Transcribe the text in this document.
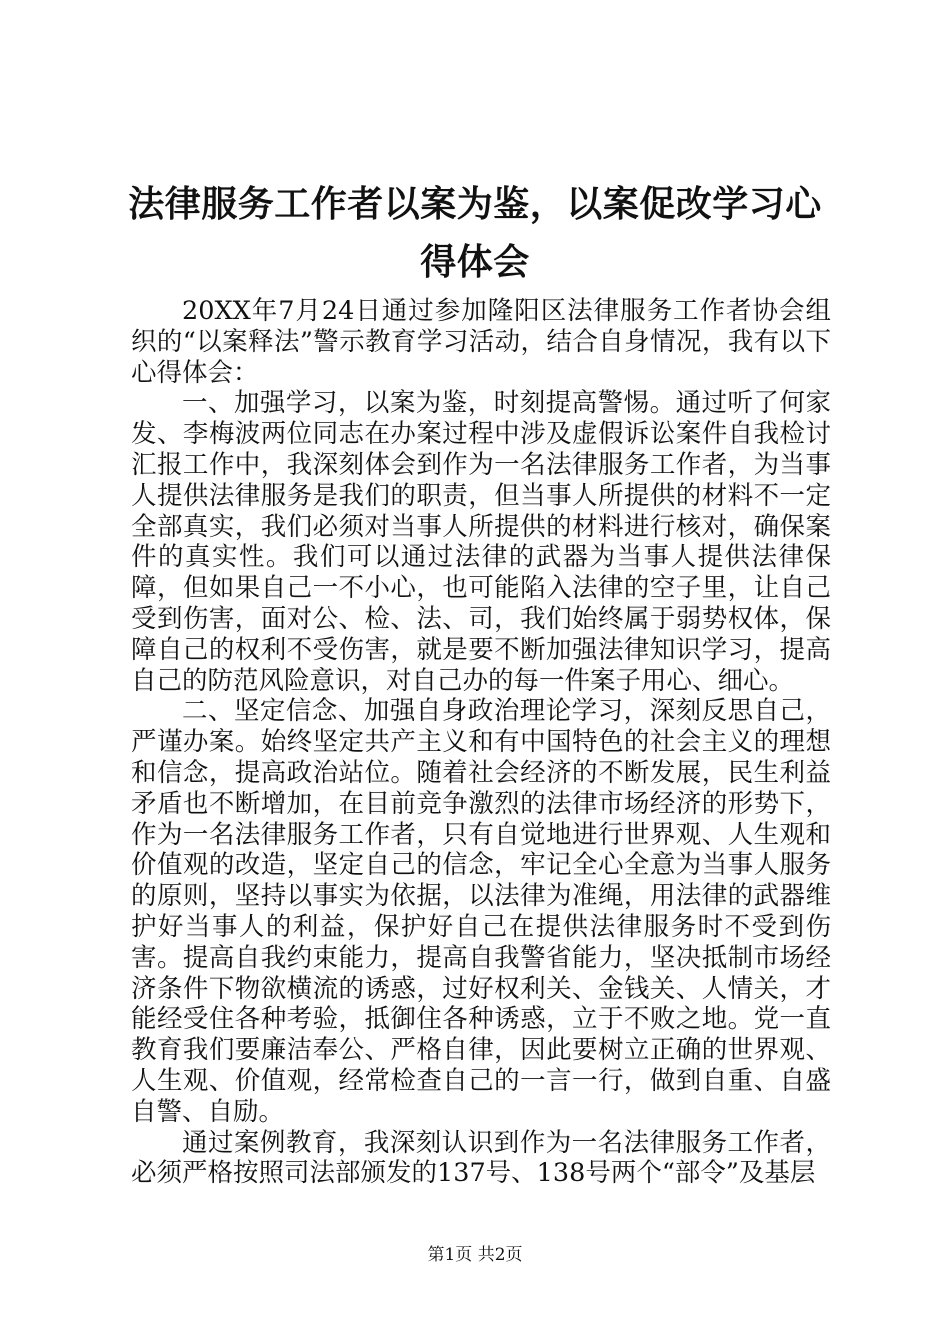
法律服务工作者以案为鉴，以案促改学习心得体会

20XX年7月24日通过参加隆阳区法律服务工作者协会组织的“以案释法”警示教育学习活动，结合自身情况，我有以下心得体会：

一、加强学习，以案为鉴，时刻提高警惕。通过听了何家发、李梅波两位同志在办案过程中涉及虚假诉讼案件自我检讨汇报工作中，我深刻体会到作为一名法律服务工作者，为当事人提供法律服务是我们的职责，但当事人所提供的材料不一定全部真实，我们必须对当事人所提供的材料进行核对，确保案件的真实性。我们可以通过法律的武器为当事人提供法律保障，但如果自己一不小心，也可能陷入法律的空子里，让自己受到伤害，面对公、检、法、司，我们始终属于弱势权体，保障自己的权利不受伤害，就是要不断加强法律知识学习，提高自己的防范风险意识，对自己办的每一件案子用心、细心。

二、坚定信念、加强自身政治理论学习，深刻反思自己，严谨办案。始终坚定共产主义和有中国特色的社会主义的理想和信念，提高政治站位。随着社会经济的不断发展，民生利益矛盾也不断增加，在目前竞争激烈的法律市场经济的形势下，作为一名法律服务工作者，只有自觉地进行世界观、人生观和价值观的改造，坚定自己的信念，牢记全心全意为当事人服务的原则，坚持以事实为依据，以法律为准绳，用法律的武器维护好当事人的利益，保护好自己在提供法律服务时不受到伤害。提高自我约束能力，提高自我警省能力，坚决抵制市场经济条件下物欲横流的诱惑，过好权利关、金钱关、人情关，才能经受住各种考验，抵御住各种诱惑，立于不败之地。党一直教育我们要廉洁奉公、严格自律，因此要树立正确的世界观、人生观、价值观，经常检查自己的一言一行，做到自重、自盛自警、自励。

通过案例教育，我深刻认识到作为一名法律服务工作者，必须严格按照司法部颁发的137号、138号两个“部令”及基层

第1页 共2页
